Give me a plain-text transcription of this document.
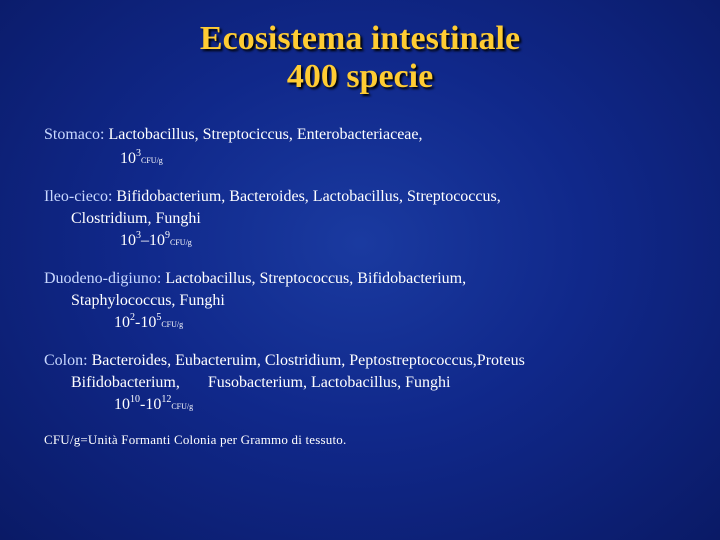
Ecosistema intestinale
400 specie
Stomaco: Lactobacillus, Streptociccus, Enterobacteriaceae,
$10^3CFU/g$
Ileo-cieco: Bifidobacterium, Bacteroides, Lactobacillus, Streptococcus,
Clostridium, Funghi
$10^3-10^9CFU/g$
Duodeno-digiuno: Lactobacillus, Streptococcus, Bifidobacterium,
Staphylococcus, Funghi
$10^2-10^5CFU/g$
Colon: Bacteroides, Eubacteruim, Clostridium, Peptostreptococcus,Proteus
Bifidobacterium,       Fusobacterium, Lactobacillus, Funghi
$10^{10}-10^{12}CFU/g$
CFU/g=Unità Formanti Colonia per Grammo di tessuto.
